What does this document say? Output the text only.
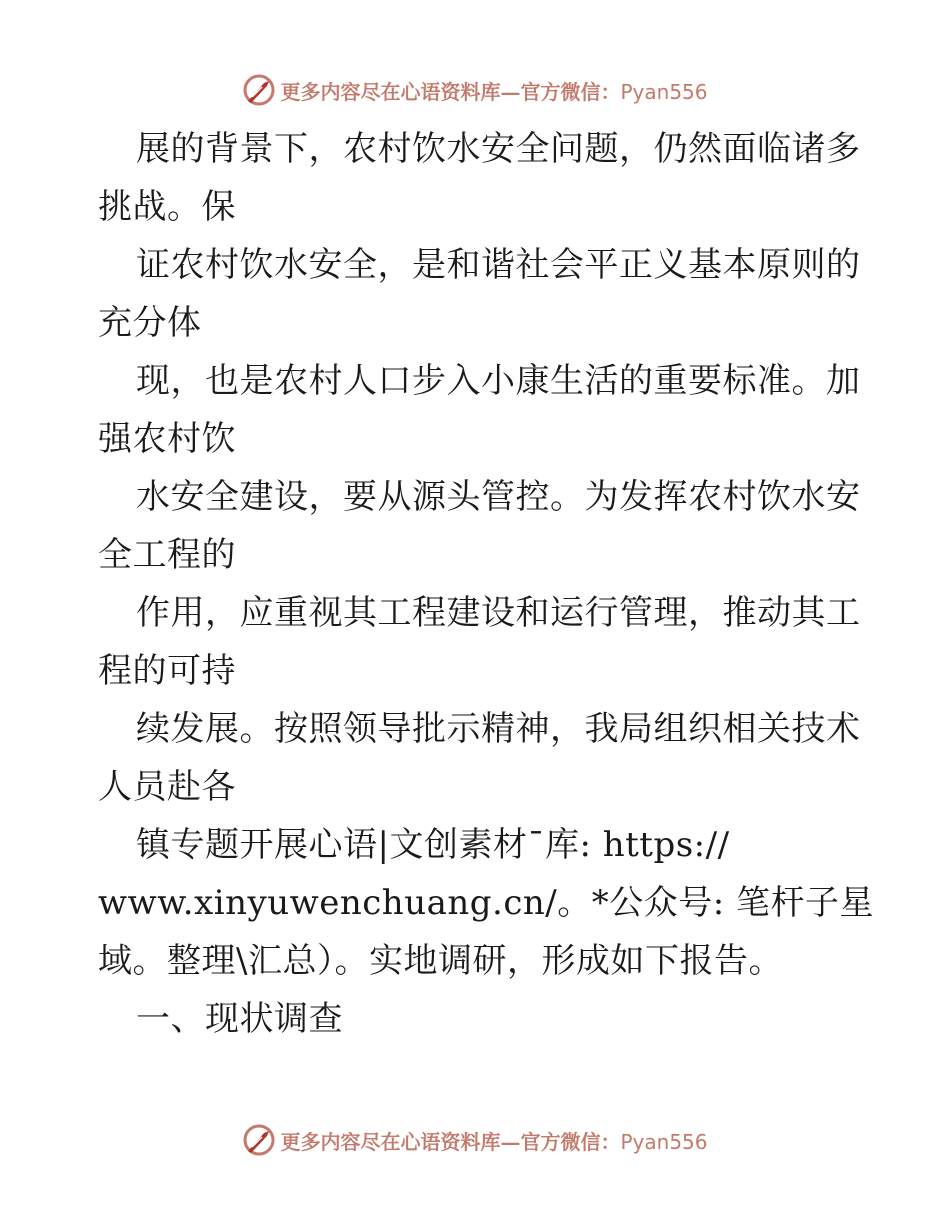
更多内容尽在心语资料库—官方微信：Pyan556
展的背景下，农村饮水安全问题，仍然面临诸多
挑战。保
证农村饮水安全，是和谐社会平正义基本原则的
充分体
现，也是农村人口步入小康生活的重要标准。加
强农村饮
水安全建设，要从源头管控。为发挥农村饮水安
全工程的
作用，应重视其工程建设和运行管理，推动其工
程的可持
续发展。按照领导批示精神，我局组织相关技术
人员赴各
镇专题开展心语|文创素材¯库: https://
www.xinyuwenchuang.cn/。*公众号: 笔杆子星
域。整理\汇总）。实地调研，形成如下报告。
一、现状调查
更多内容尽在心语资料库—官方微信：Pyan556
